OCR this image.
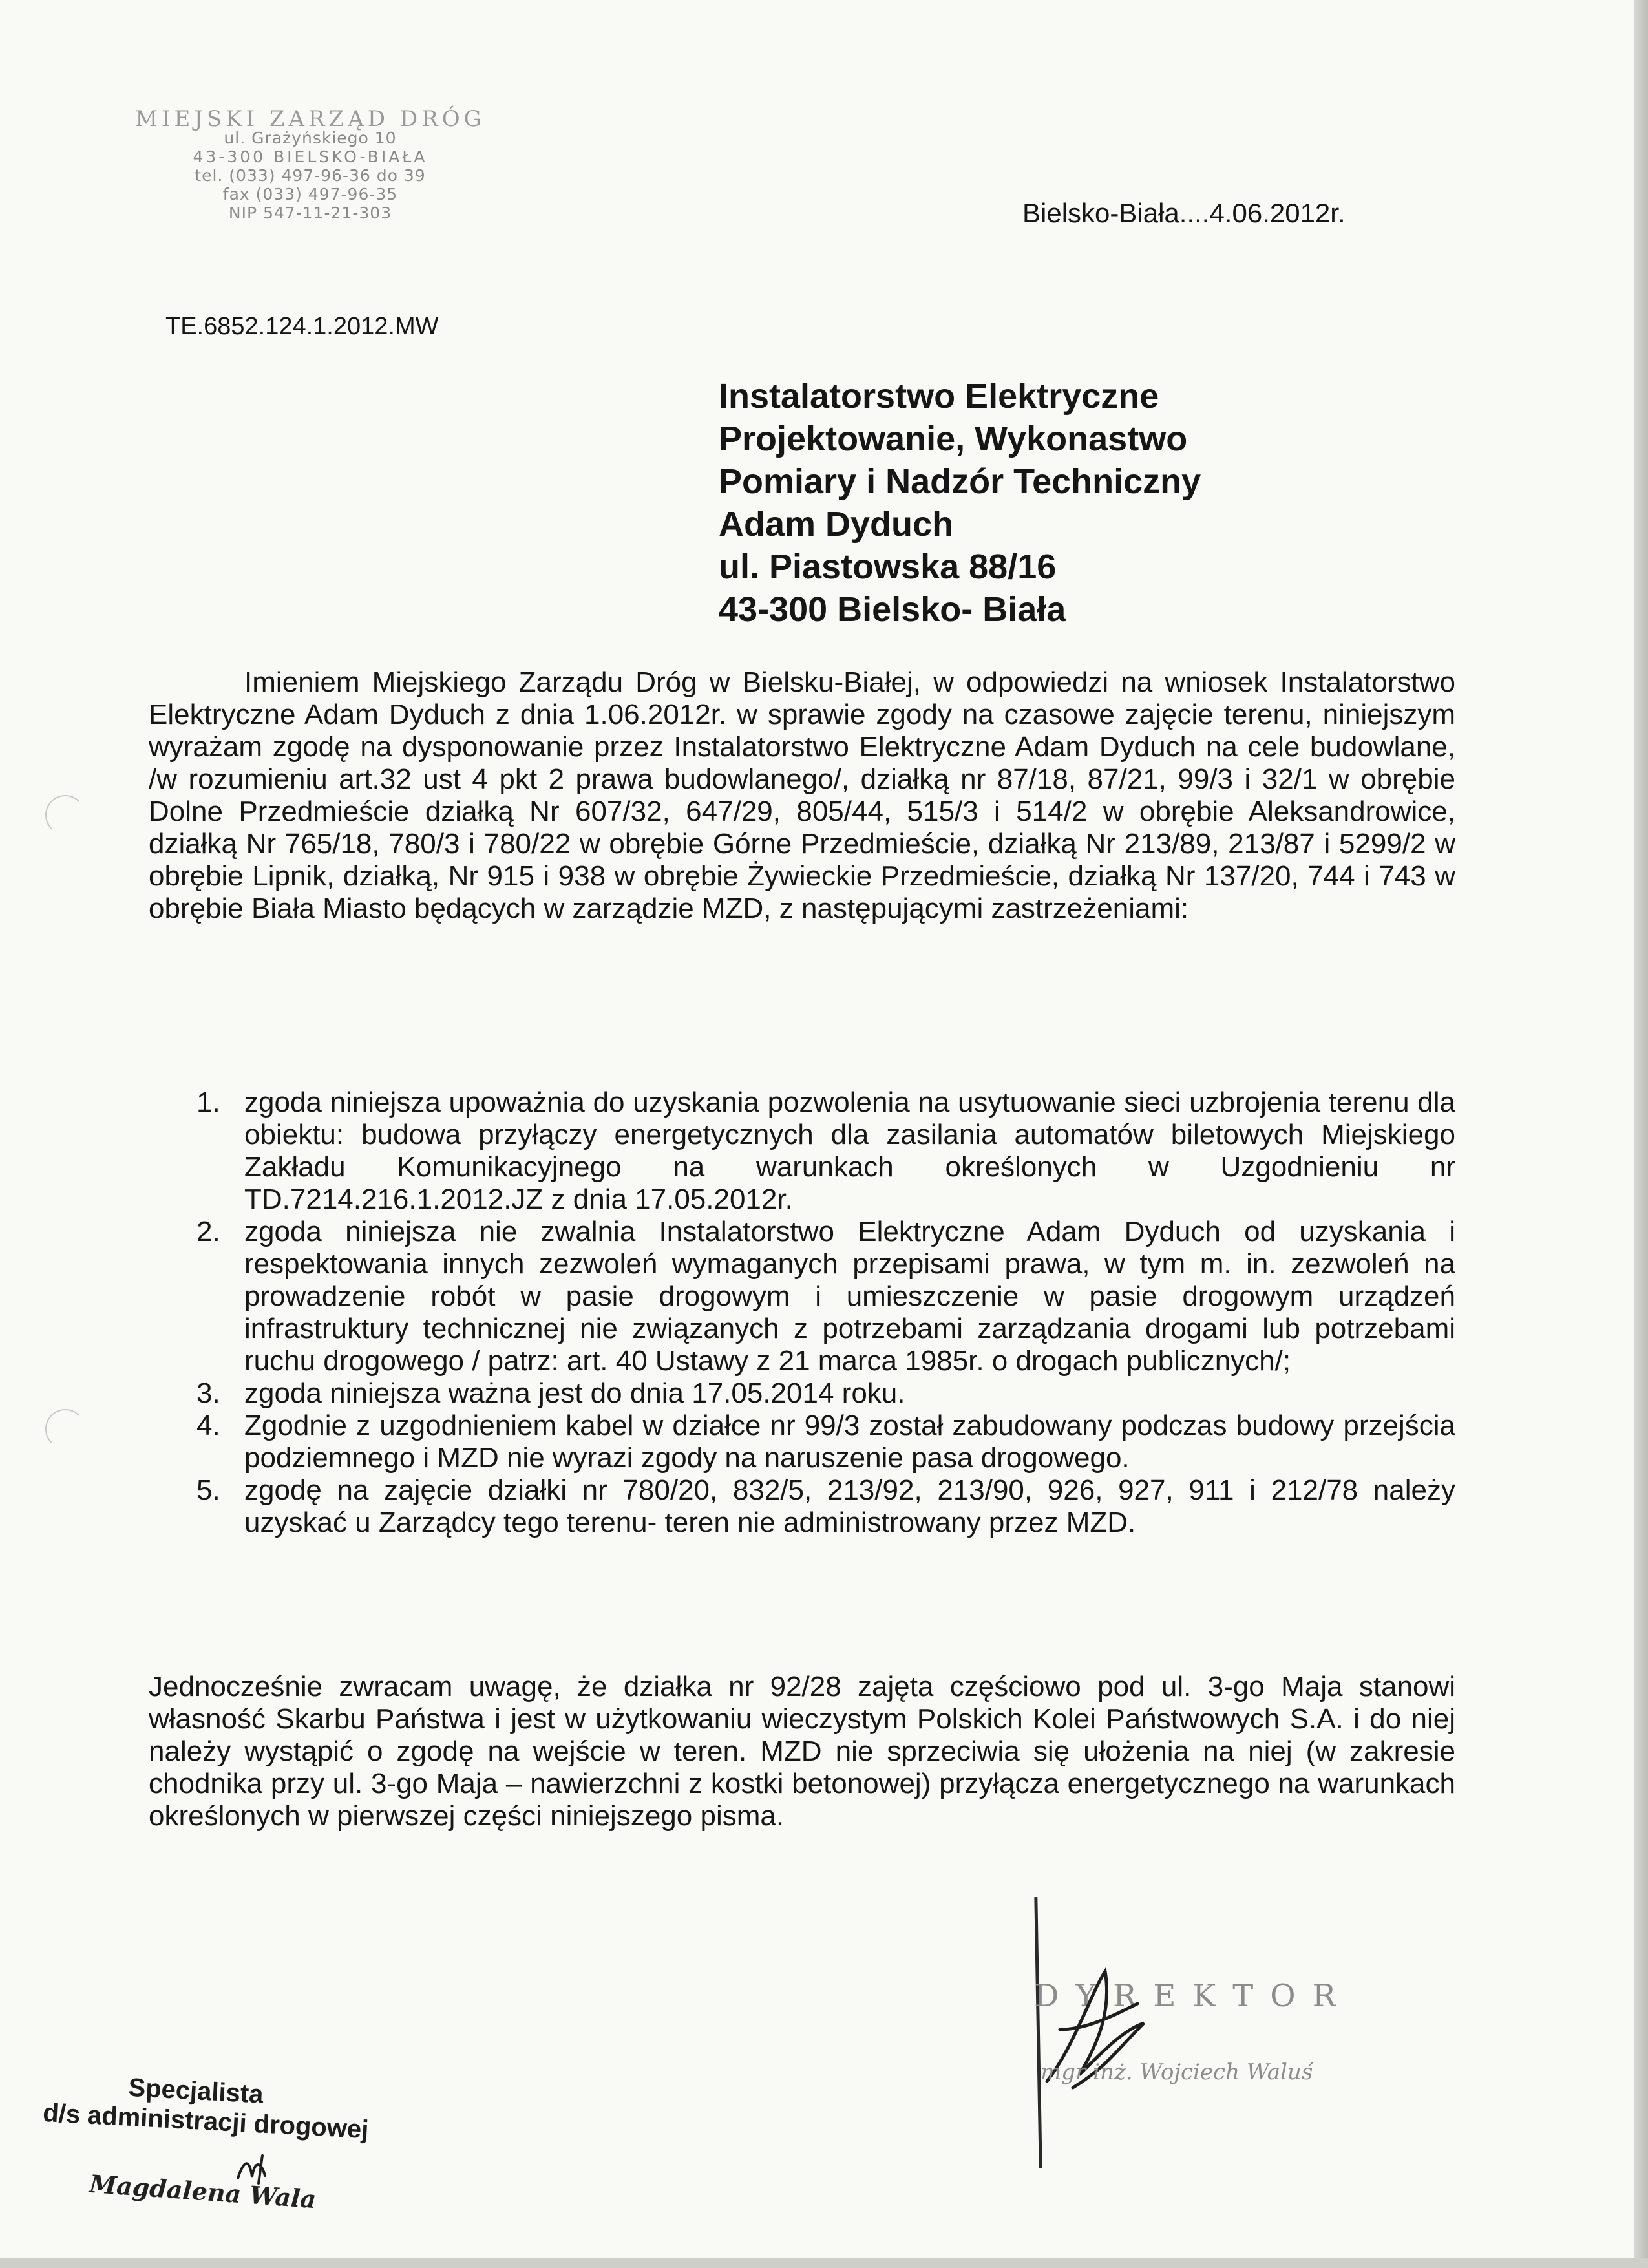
MIEJSKI ZARZĄD DRÓG
ul. Grażyńskiego 10
43-300 BIELSKO-BIAŁA
tel. (033) 497-96-36 do 39
fax (033) 497-96-35
NIP 547-11-21-303	Bielsko-Biała....4.06.2012r.
TE.6852.124.1.2012.MW
Instalatorstwo Elektryczne
Projektowanie, Wykonastwo
Pomiary i Nadzór Techniczny
Adam Dyduch
ul. Piastowska 88/16
43-300 Bielsko- Biała

Imieniem Miejskiego Zarządu Dróg w Bielsku-Białej, w odpowiedzi na wniosek Instalatorstwo Elektryczne Adam Dyduch z dnia 1.06.2012r. w sprawie zgody na czasowe zajęcie terenu, niniejszym wyrażam zgodę na dysponowanie przez Instalatorstwo Elektryczne Adam Dyduch na cele budowlane, /w rozumieniu art.32 ust 4 pkt 2 prawa budowlanego/, działką nr 87/18, 87/21, 99/3 i 32/1 w obrębie Dolne Przedmieście działką Nr 607/32, 647/29, 805/44, 515/3 i 514/2 w obrębie Aleksandrowice, działką Nr 765/18, 780/3 i 780/22 w obrębie Górne Przedmieście, działką Nr 213/89, 213/87 i 5299/2 w obrębie Lipnik, działką, Nr 915 i 938 w obrębie Żywieckie Przedmieście, działką Nr 137/20, 744 i 743 w obrębie Biała Miasto będących w zarządzie MZD, z następującymi zastrzeżeniami:

1. zgoda niniejsza upoważnia do uzyskania pozwolenia na usytuowanie sieci uzbrojenia terenu dla obiektu: budowa przyłączy energetycznych dla zasilania automatów biletowych Miejskiego Zakładu Komunikacyjnego na warunkach określonych w Uzgodnieniu nr TD.7214.216.1.2012.JZ z dnia 17.05.2012r.
2. zgoda niniejsza nie zwalnia Instalatorstwo Elektryczne Adam Dyduch od uzyskania i respektowania innych zezwoleń wymaganych przepisami prawa, w tym m. in. zezwoleń na prowadzenie robót w pasie drogowym i umieszczenie w pasie drogowym urządzeń infrastruktury technicznej nie związanych z potrzebami zarządzania drogami lub potrzebami ruchu drogowego / patrz: art. 40 Ustawy z 21 marca 1985r. o drogach publicznych/;
3. zgoda niniejsza ważna jest do dnia 17.05.2014 roku.
4. Zgodnie z uzgodnieniem kabel w działce nr 99/3 został zabudowany podczas budowy przejścia podziemnego i MZD nie wyrazi zgody na naruszenie pasa drogowego.
5. zgodę na zajęcie działki nr 780/20, 832/5, 213/92, 213/90, 926, 927, 911 i 212/78 należy uzyskać u Zarządcy tego terenu- teren nie administrowany przez MZD.

Jednocześnie zwracam uwagę, że działka nr 92/28 zajęta częściowo pod ul. 3-go Maja stanowi własność Skarbu Państwa i jest w użytkowaniu wieczystym Polskich Kolei Państwowych S.A. i do niej należy wystąpić o zgodę na wejście w teren. MZD nie sprzeciwia się ułożenia na niej (w zakresie chodnika przy ul. 3-go Maja – nawierzchni z kostki betonowej) przyłącza energetycznego na warunkach określonych w pierwszej części niniejszego pisma.

DYREKTOR
mgr inż. Wojciech Waluś
Specjalista
d/s administracji drogowej
Magdalena Wala
